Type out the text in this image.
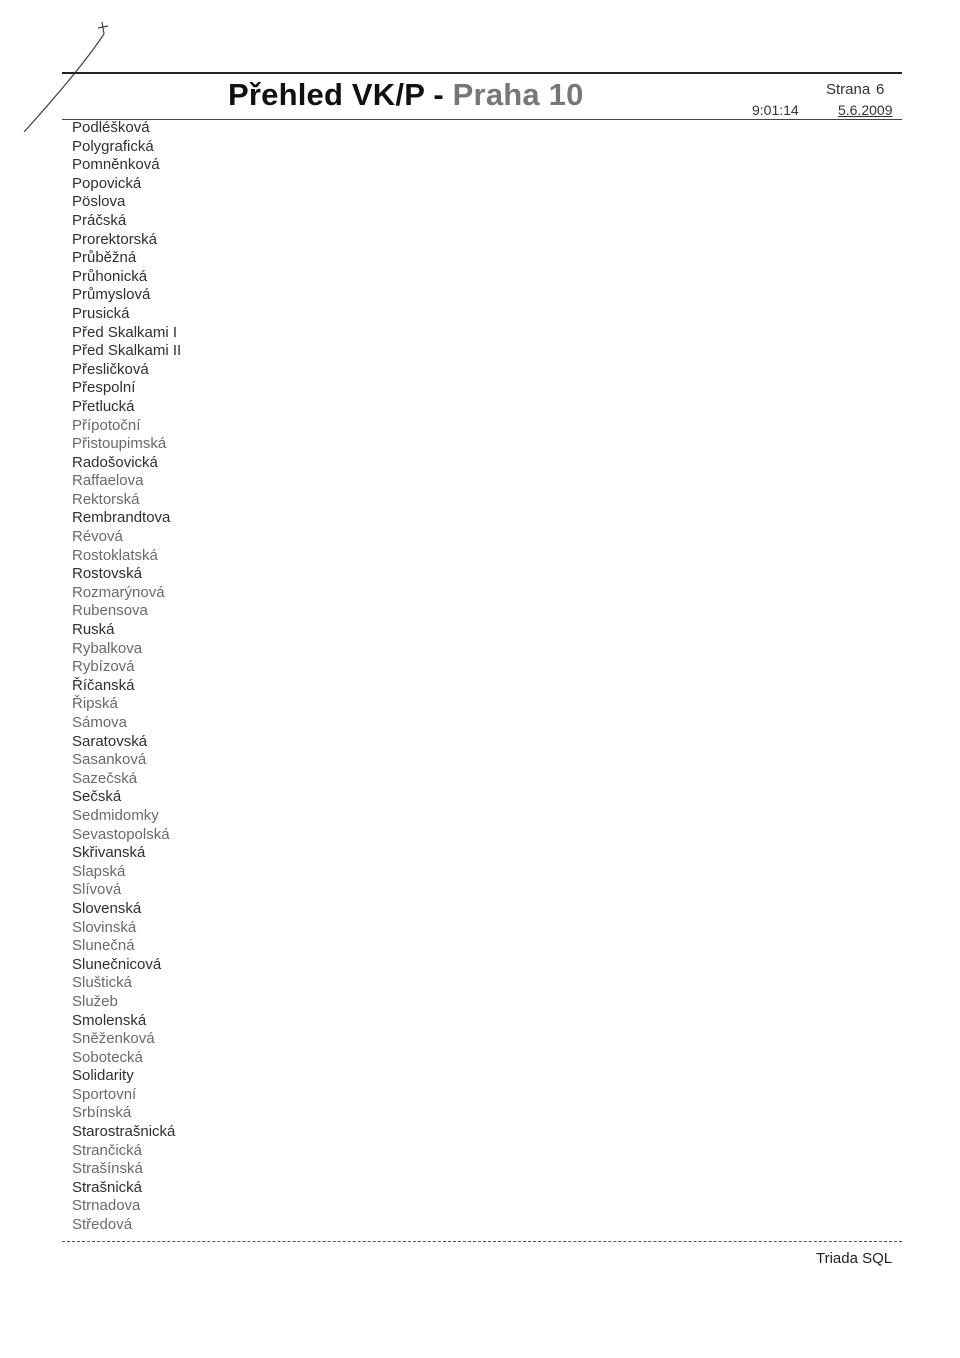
Přehled VK/P - Praha 10	Strana 6
9:01:14	5.6.2009
Podléšková
Polygrafická
Pomněnková
Popovická
Pöslova
Práčská
Prorektorská
Průběžná
Průhonická
Průmyslová
Prusická
Před Skalkami I
Před Skalkami II
Přesličková
Přespolní
Přetlucká
Přípotoční
Přistoupimská
Radošovická
Raffaelova
Rektorská
Rembrandtova
Révová
Rostoklatská
Rostovská
Rozmarýnová
Rubensova
Ruská
Rybalkova
Rybízová
Říčanská
Řipská
Sámova
Saratovská
Sasanková
Sazečská
Sečská
Sedmidomky
Sevastopolská
Skřivanská
Slapská
Slívová
Slovenská
Slovinská
Slunečná
Slunečnicová
Sluštická
Služeb
Smolenská
Sněženková
Sobotecká
Solidarity
Sportovní
Srbínská
Starostrašnická
Strančická
Strašínská
Strašnická
Strnadova
Středová
Triada SQL
